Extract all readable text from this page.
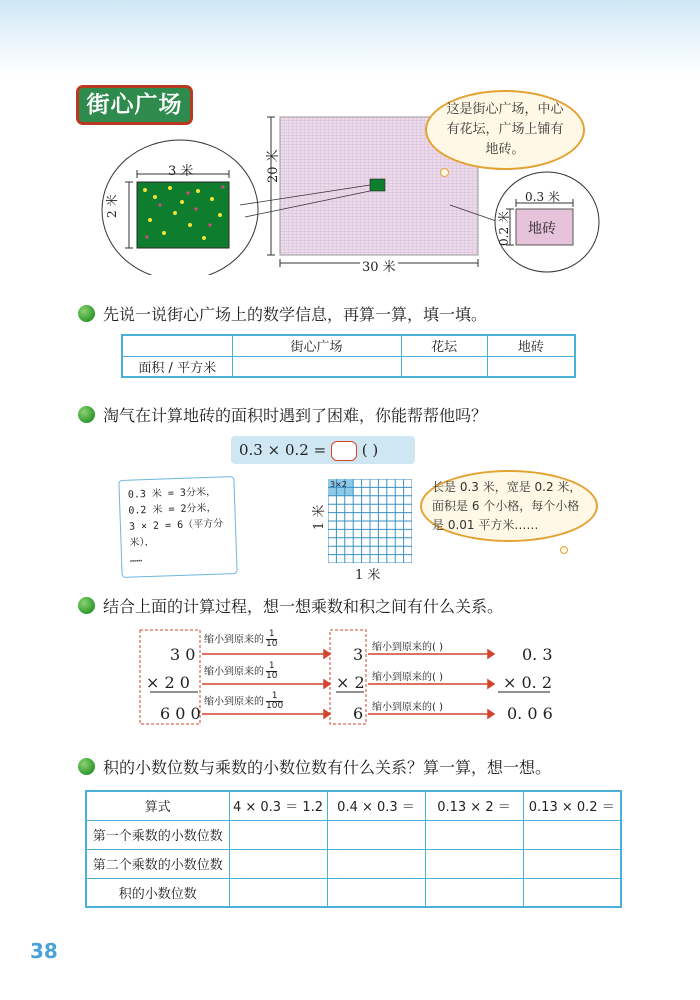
街心广场
3 米
2 米
20 米
30 米
0.3 米
0.2 米 地砖
这是街心广场，中心有花坛，广场上铺有地砖。
先说一说街心广场上的数学信息，再算一算，填一填。
	街心广场	花坛	地砖
面积 / 平方米			
淘气在计算地砖的面积时遇到了困难，你能帮帮他吗？
0.3 × 0.2 = ( )
0.3 米 = 3分米，
0.2 米 = 2分米，
3 × 2 = 6（平方分米），
……
3×2
1 米
1 米
长是 0.3 米，宽是 0.2 米，面积是 6 个小格，每个小格是 0.01 平方米……
结合上面的计算过程，想一想乘数和积之间有什么关系。
3 0
× 2 0
6 0 0
3
× 2
6
0. 3
× 0. 2
0. 0 6
缩小到原来的 $\frac{1}{10}$
缩小到原来的 $\frac{1}{10}$
缩小到原来的 $\frac{1}{100}$
缩小到原来的( )
缩小到原来的( )
缩小到原来的( )
积的小数位数与乘数的小数位数有什么关系？算一算，想一想。
算式	4 × 0.3 ＝ 1.2	0.4 × 0.3 ＝	0.13 × 2 ＝	0.13 × 0.2 ＝
第一个乘数的小数位数				
第二个乘数的小数位数				
积的小数位数				
38
